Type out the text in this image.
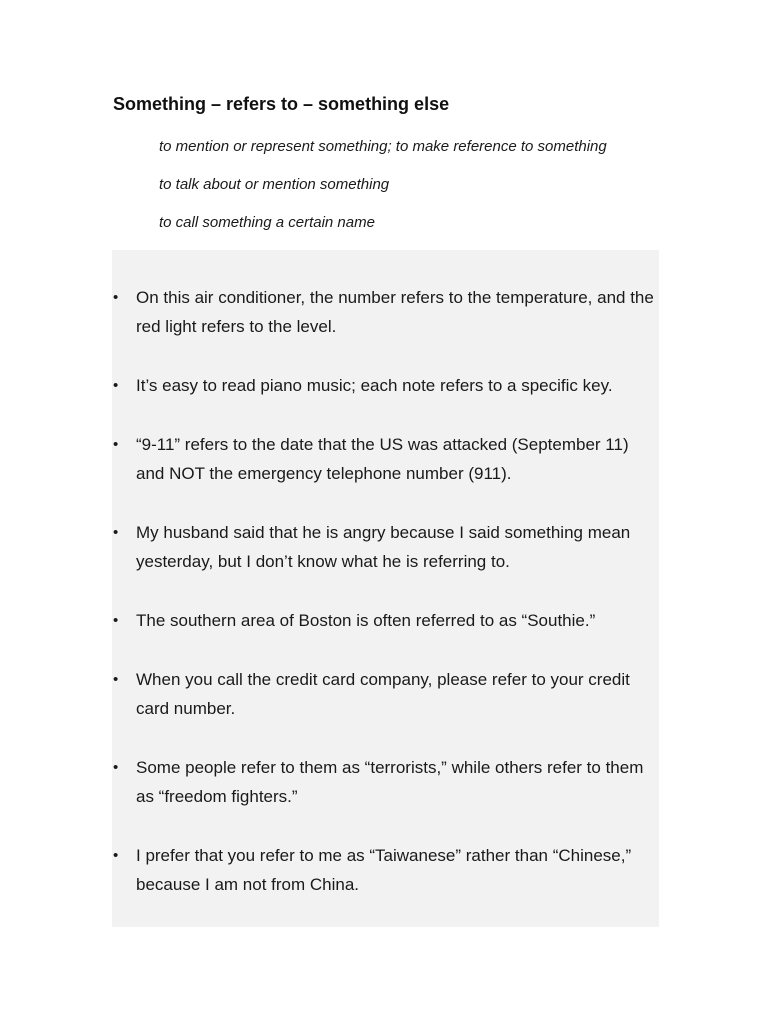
Something – refers to – something else
to mention or represent something; to make reference to something
to talk about or mention something
to call something a certain name
• On this air conditioner, the number refers to the temperature, and the red light refers to the level.
• It’s easy to read piano music; each note refers to a specific key.
• “9-11” refers to the date that the US was attacked (September 11) and NOT the emergency telephone number (911).
• My husband said that he is angry because I said something mean yesterday, but I don’t know what he is referring to.
• The southern area of Boston is often referred to as “Southie.”
• When you call the credit card company, please refer to your credit card number.
• Some people refer to them as “terrorists,” while others refer to them as “freedom fighters.”
• I prefer that you refer to me as “Taiwanese” rather than “Chinese,” because I am not from China.
